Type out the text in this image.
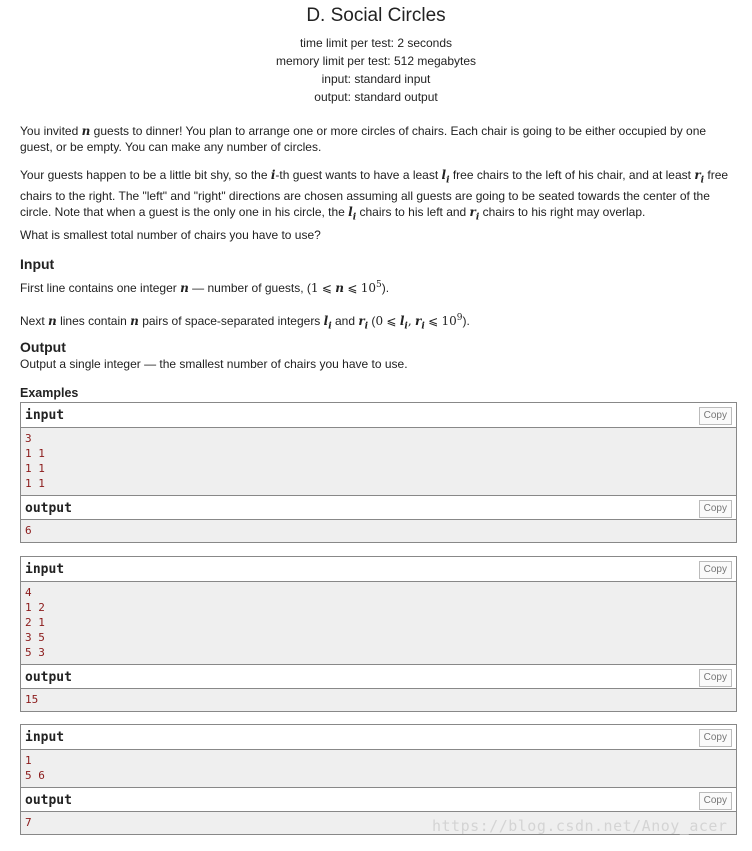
D. Social Circles
time limit per test: 2 seconds
memory limit per test: 512 megabytes
input: standard input
output: standard output

You invited n guests to dinner! You plan to arrange one or more circles of chairs. Each chair is going to be either occupied by one guest, or be empty. You can make any number of circles.

Your guests happen to be a little bit shy, so the i-th guest wants to have a least $l_i$ free chairs to the left of his chair, and at least $r_i$ free chairs to the right. The "left" and "right" directions are chosen assuming all guests are going to be seated towards the center of the circle. Note that when a guest is the only one in his circle, the $l_i$ chairs to his left and $r_i$ chairs to his right may overlap.

What is smallest total number of chairs you have to use?

Input

First line contains one integer n — number of guests, (1 ⩽ n ⩽ $10^5$).

Next n lines contain n pairs of space-separated integers $l_i$ and $r_i$ (0 ⩽ $l_i$, $r_i$ ⩽ $10^9$).

Output

Output a single integer — the smallest number of chairs you have to use.

Examples
input	Copy
3
1 1
1 1
1 1
output	Copy
6
input	Copy
4
1 2
2 1
3 5
5 3
output	Copy
15
input	Copy
1
5 6
output	Copy
7	https://blog.csdn.net/Anoy_acer
